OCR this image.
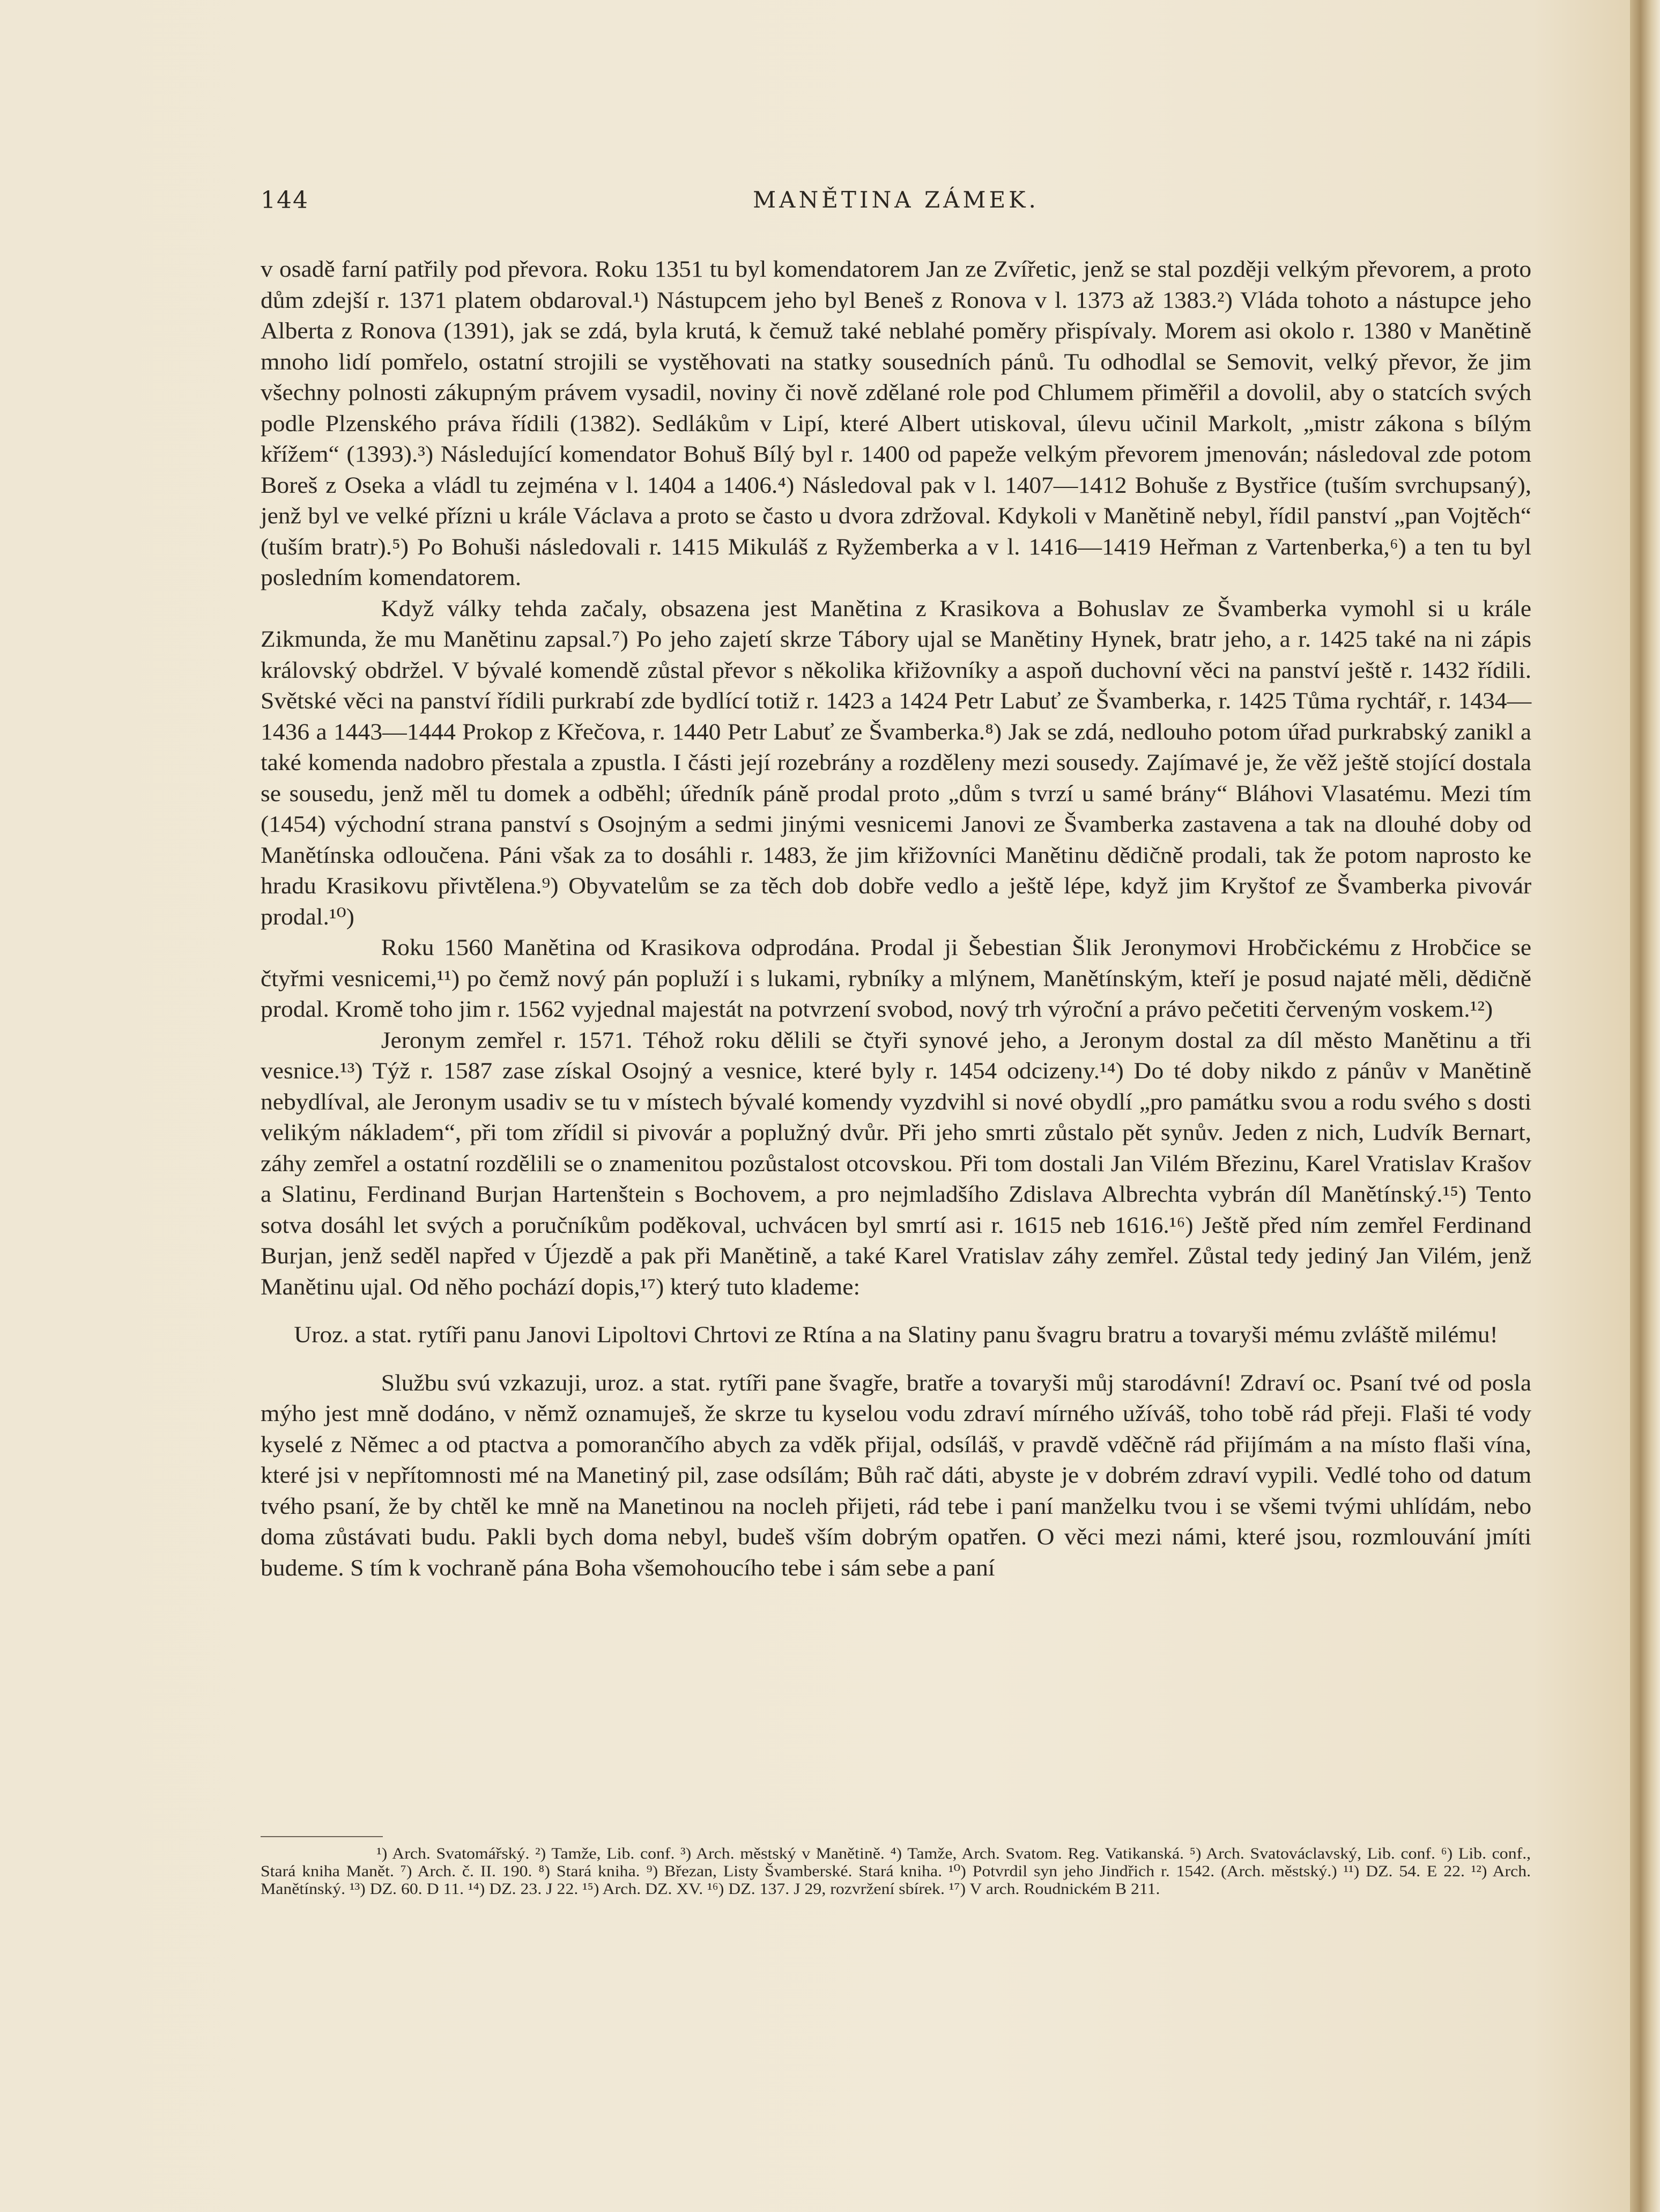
144	MANĚTINA ZÁMEK.

v osadě farní patřily pod převora. Roku 1351 tu byl komendatorem Jan ze Zvířetic, jenž se stal později velkým převorem, a proto dům zdejší r. 1371 platem obdaroval.¹) Nástupcem jeho byl Beneš z Ronova v l. 1373 až 1383.²) Vláda tohoto a nástupce jeho Alberta z Ronova (1391), jak se zdá, byla krutá, k čemuž také neblahé poměry přispívaly. Morem asi okolo r. 1380 v Manětině mnoho lidí pomřelo, ostatní strojili se vystěhovati na statky sousedních pánů. Tu odhodlal se Semovit, velký převor, že jim všechny polnosti zákupným právem vysadil, noviny či nově zdělané role pod Chlumem přiměřil a dovolil, aby o statcích svých podle Plzenského práva řídili (1382). Sedlákům v Lipí, které Albert utiskoval, úlevu učinil Markolt, „mistr zákona s bílým křížem“ (1393).³) Následující komendator Bohuš Bílý byl r. 1400 od papeže velkým převorem jmenován; následoval zde potom Boreš z Oseka a vládl tu zejména v l. 1404 a 1406.⁴) Následoval pak v l. 1407—1412 Bohuše z Bystřice (tuším svrchupsaný), jenž byl ve velké přízni u krále Václava a proto se často u dvora zdržoval. Kdykoli v Manětině nebyl, řídil panství „pan Vojtěch“ (tuším bratr).⁵) Po Bohuši následovali r. 1415 Mikuláš z Ryžemberka a v l. 1416—1419 Heřman z Vartenberka,⁶) a ten tu byl posledním komendatorem.

Když války tehda začaly, obsazena jest Manětina z Krasikova a Bohuslav ze Švamberka vymohl si u krále Zikmunda, že mu Manětinu zapsal.⁷) Po jeho zajetí skrze Tábory ujal se Manětiny Hynek, bratr jeho, a r. 1425 také na ni zápis královský obdržel. V bývalé komendě zůstal převor s několika křižovníky a aspoň duchovní věci na panství ještě r. 1432 řídili. Světské věci na panství řídili purkrabí zde bydlící totiž r. 1423 a 1424 Petr Labuť ze Švamberka, r. 1425 Tůma rychtář, r. 1434—1436 a 1443—1444 Prokop z Křečova, r. 1440 Petr Labuť ze Švamberka.⁸) Jak se zdá, nedlouho potom úřad purkrabský zanikl a také komenda nadobro přestala a zpustla. I části její rozebrány a rozděleny mezi sousedy. Zajímavé je, že věž ještě stojící dostala se sousedu, jenž měl tu domek a odběhl; úředník páně prodal proto „dům s tvrzí u samé brány“ Bláhovi Vlasatému. Mezi tím (1454) východní strana panství s Osojným a sedmi jinými vesnicemi Janovi ze Švamberka zastavena a tak na dlouhé doby od Manětínska odloučena. Páni však za to dosáhli r. 1483, že jim křižovníci Manětinu dědičně prodali, tak že potom naprosto ke hradu Krasikovu přivtělena.⁹) Obyvatelům se za těch dob dobře vedlo a ještě lépe, když jim Kryštof ze Švamberka pivovár prodal.¹⁰)

Roku 1560 Manětina od Krasikova odprodána. Prodal ji Šebestian Šlik Jeronymovi Hrobčickému z Hrobčice se čtyřmi vesnicemi,¹¹) po čemž nový pán popluží i s lukami, rybníky a mlýnem, Manětínským, kteří je posud najaté měli, dědičně prodal. Kromě toho jim r. 1562 vyjednal majestát na potvrzení svobod, nový trh výroční a právo pečetiti červeným voskem.¹²)

Jeronym zemřel r. 1571. Téhož roku dělili se čtyři synové jeho, a Jeronym dostal za díl město Manětinu a tři vesnice.¹³) Týž r. 1587 zase získal Osojný a vesnice, které byly r. 1454 odcizeny.¹⁴) Do té doby nikdo z pánův v Manětině nebydlíval, ale Jeronym usadiv se tu v místech bývalé komendy vyzdvihl si nové obydlí „pro památku svou a rodu svého s dosti velikým nákladem“, při tom zřídil si pivovár a poplužný dvůr. Při jeho smrti zůstalo pět synův. Jeden z nich, Ludvík Bernart, záhy zemřel a ostatní rozdělili se o znamenitou pozůstalost otcovskou. Při tom dostali Jan Vilém Březinu, Karel Vratislav Krašov a Slatinu, Ferdinand Burjan Hartenštein s Bochovem, a pro nejmladšího Zdislava Albrechta vybrán díl Manětínský.¹⁵) Tento sotva dosáhl let svých a poručníkům poděkoval, uchvácen byl smrtí asi r. 1615 neb 1616.¹⁶) Ještě před ním zemřel Ferdinand Burjan, jenž seděl napřed v Újezdě a pak při Manětině, a také Karel Vratislav záhy zemřel. Zůstal tedy jediný Jan Vilém, jenž Manětinu ujal. Od něho pochází dopis,¹⁷) který tuto klademe:

Uroz. a stat. rytíři panu Janovi Lipoltovi Chrtovi ze Rtína a na Slatiny panu švagru bratru a tovaryši mému zvláště milému!

Službu svú vzkazuji, uroz. a stat. rytíři pane švagře, bratře a tovaryši můj starodávní! Zdraví oc. Psaní tvé od posla mýho jest mně dodáno, v němž oznamuješ, že skrze tu kyselou vodu zdraví mírného užíváš, toho tobě rád přeji. Flaši té vody kyselé z Němec a od ptactva a pomorančího abych za vděk přijal, odsíláš, v pravdě vděčně rád přijímám a na místo flaši vína, které jsi v nepřítomnosti mé na Manetiný pil, zase odsílám; Bůh rač dáti, abyste je v dobrém zdraví vypili. Vedlé toho od datum tvého psaní, že by chtěl ke mně na Manetinou na nocleh přijeti, rád tebe i paní manželku tvou i se všemi tvými uhlídám, nebo doma zůstávati budu. Pakli bych doma nebyl, budeš vším dobrým opatřen. O věci mezi námi, které jsou, rozmlouvání jmíti budeme. S tím k vochraně pána Boha všemohoucího tebe i sám sebe a paní

¹) Arch. Svatomářský. ²) Tamže, Lib. conf. ³) Arch. městský v Manětině. ⁴) Tamže, Arch. Svatom. Reg. Vatikanská. ⁵) Arch. Svatováclavský, Lib. conf. ⁶) Lib. conf., Stará kniha Manět. ⁷) Arch. č. II. 190. ⁸) Stará kniha. ⁹) Březan, Listy Švamberské. Stará kniha. ¹⁰) Potvrdil syn jeho Jindřich r. 1542. (Arch. městský.) ¹¹) DZ. 54. E 22. ¹²) Arch. Manětínský. ¹³) DZ. 60. D 11. ¹⁴) DZ. 23. J 22. ¹⁵) Arch. DZ. XV. ¹⁶) DZ. 137. J 29, rozvržení sbírek. ¹⁷) V arch. Roudnickém B 211.
